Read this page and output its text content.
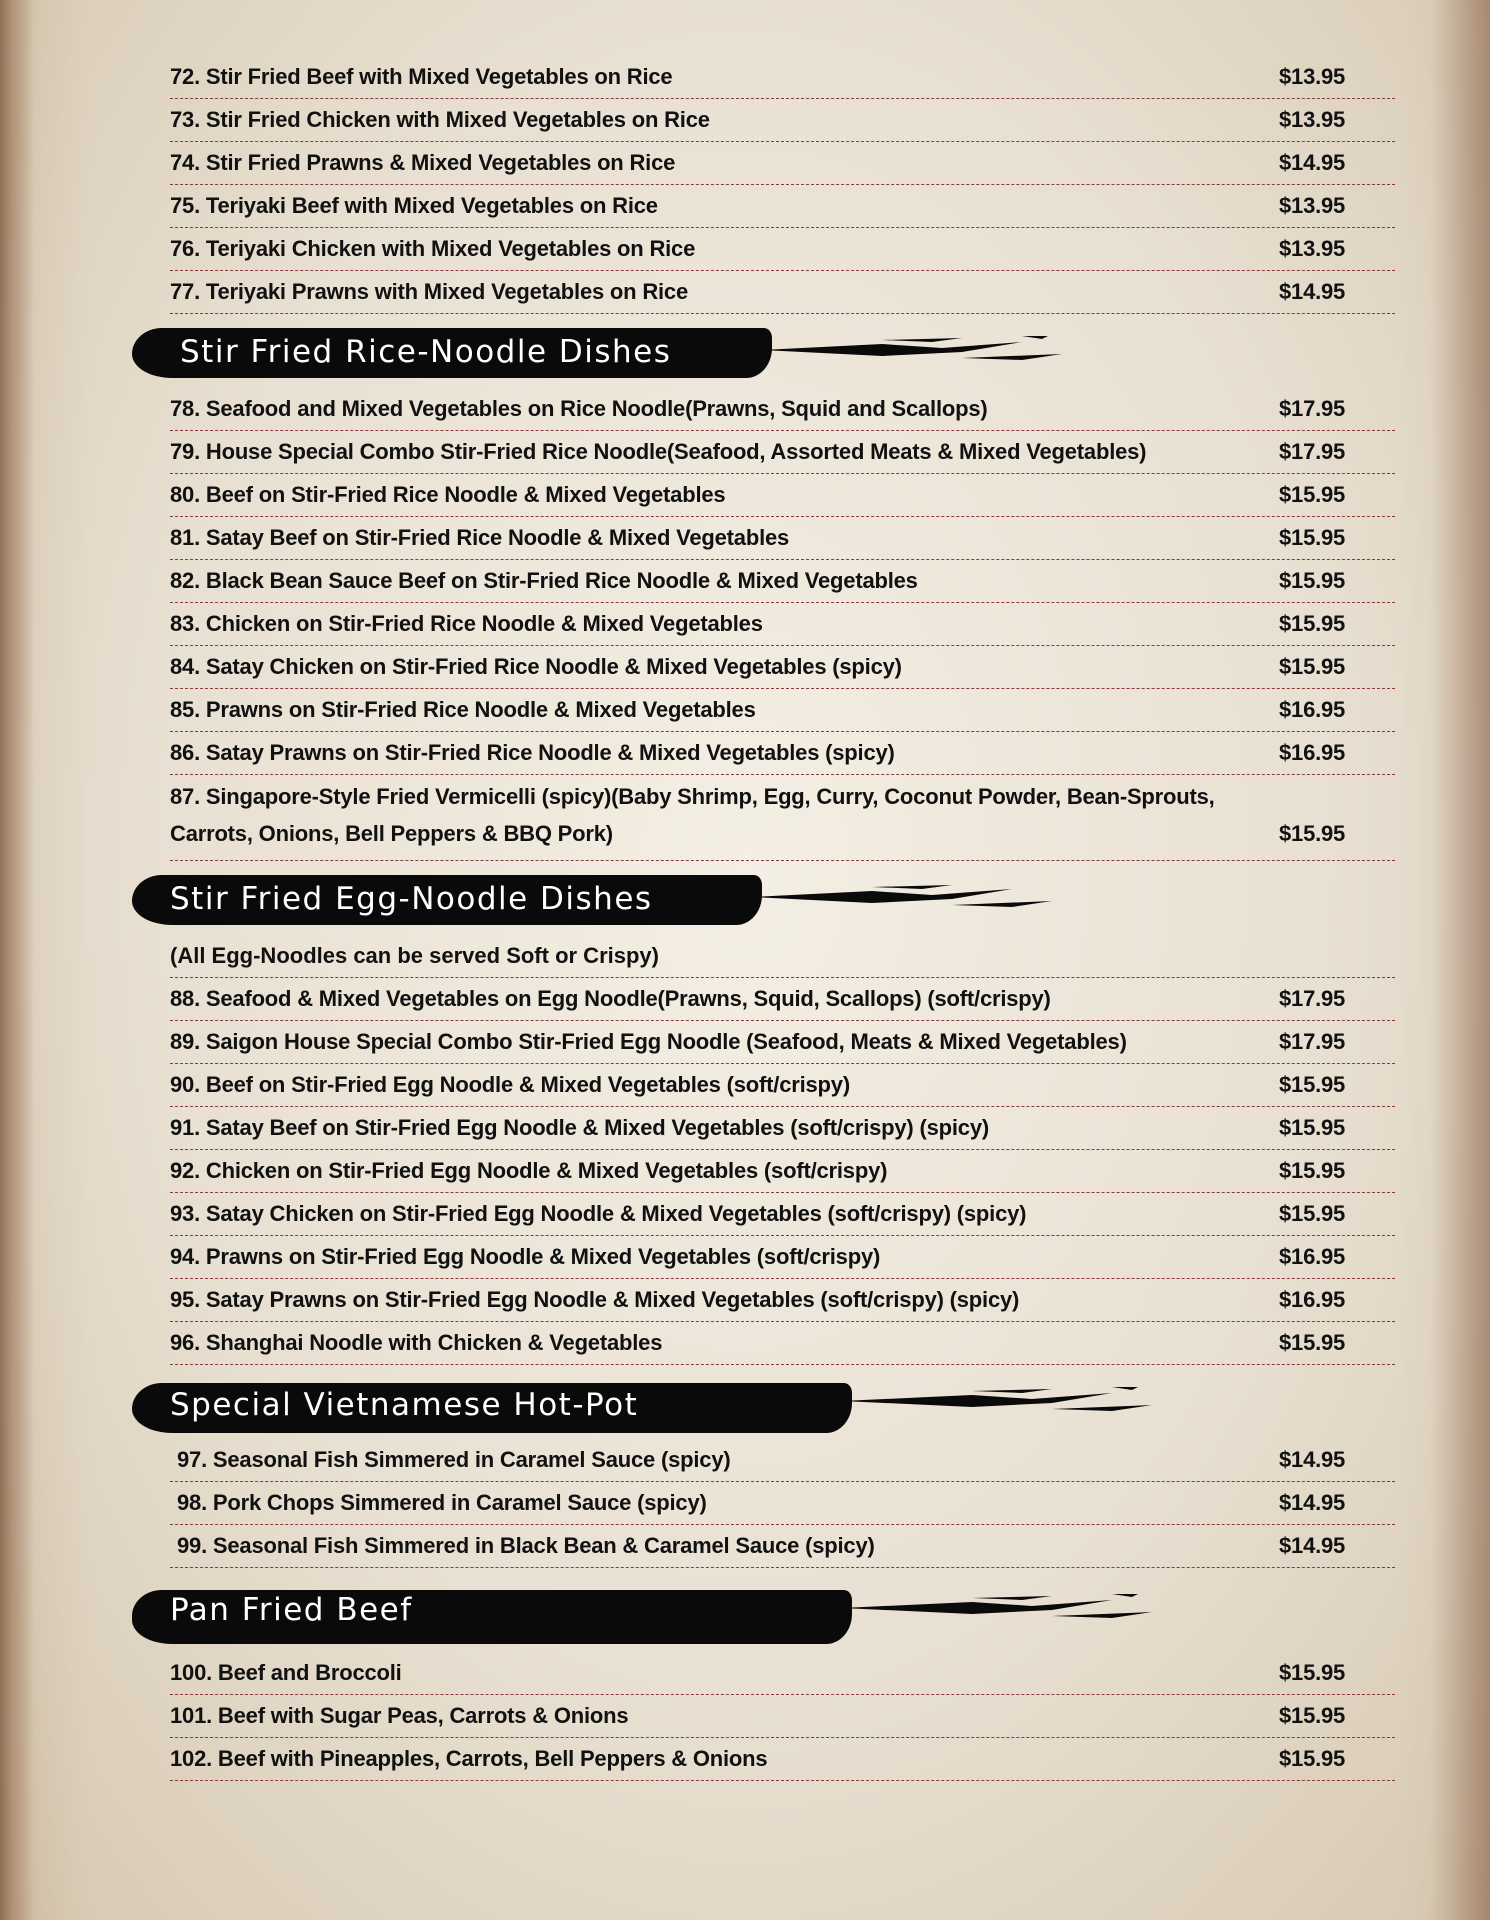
72. Stir Fried Beef with Mixed Vegetables on Rice	$13.95
73. Stir Fried Chicken with Mixed Vegetables on Rice	$13.95
74. Stir Fried Prawns & Mixed Vegetables on Rice	$14.95
75. Teriyaki Beef with Mixed Vegetables on Rice	$13.95
76. Teriyaki Chicken with Mixed Vegetables on Rice	$13.95
77. Teriyaki Prawns with Mixed Vegetables on Rice	$14.95
Stir Fried Rice-Noodle Dishes
78. Seafood and Mixed Vegetables on Rice Noodle(Prawns, Squid and Scallops)	$17.95
79. House Special Combo Stir-Fried Rice Noodle(Seafood, Assorted Meats & Mixed Vegetables)	$17.95
80. Beef on Stir-Fried Rice Noodle & Mixed Vegetables	$15.95
81. Satay Beef on Stir-Fried Rice Noodle & Mixed Vegetables	$15.95
82. Black Bean Sauce Beef on Stir-Fried Rice Noodle & Mixed Vegetables	$15.95
83. Chicken on Stir-Fried Rice Noodle & Mixed Vegetables	$15.95
84. Satay Chicken on Stir-Fried Rice Noodle & Mixed Vegetables (spicy)	$15.95
85. Prawns on Stir-Fried Rice Noodle & Mixed Vegetables	$16.95
86. Satay Prawns on Stir-Fried Rice Noodle & Mixed Vegetables (spicy)	$16.95
87. Singapore-Style Fried Vermicelli (spicy)(Baby Shrimp, Egg, Curry, Coconut Powder, Bean-Sprouts,
Carrots, Onions, Bell Peppers & BBQ Pork)	$15.95
Stir Fried Egg-Noodle Dishes
(All Egg-Noodles can be served Soft or Crispy)
88. Seafood & Mixed Vegetables on Egg Noodle(Prawns, Squid, Scallops) (soft/crispy)	$17.95
89. Saigon House Special Combo Stir-Fried Egg Noodle (Seafood, Meats & Mixed Vegetables)	$17.95
90. Beef on Stir-Fried Egg Noodle & Mixed Vegetables (soft/crispy)	$15.95
91. Satay Beef on Stir-Fried Egg Noodle & Mixed Vegetables (soft/crispy) (spicy)	$15.95
92. Chicken on Stir-Fried Egg Noodle & Mixed Vegetables (soft/crispy)	$15.95
93. Satay Chicken on Stir-Fried Egg Noodle & Mixed Vegetables (soft/crispy) (spicy)	$15.95
94. Prawns on Stir-Fried Egg Noodle & Mixed Vegetables (soft/crispy)	$16.95
95. Satay Prawns on Stir-Fried Egg Noodle & Mixed Vegetables (soft/crispy) (spicy)	$16.95
96. Shanghai Noodle with Chicken & Vegetables	$15.95
Special Vietnamese Hot-Pot
97. Seasonal Fish Simmered in Caramel Sauce (spicy)	$14.95
98. Pork Chops Simmered in Caramel Sauce (spicy)	$14.95
99. Seasonal Fish Simmered in Black Bean & Caramel Sauce (spicy)	$14.95
Pan Fried Beef
100. Beef and Broccoli	$15.95
101. Beef with Sugar Peas, Carrots & Onions	$15.95
102. Beef with Pineapples, Carrots, Bell Peppers & Onions	$15.95
